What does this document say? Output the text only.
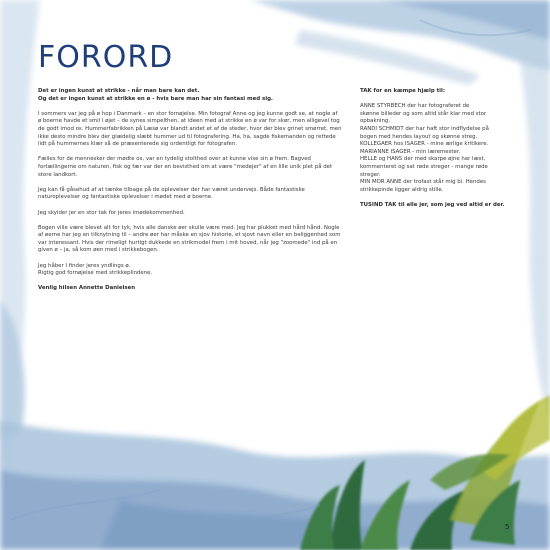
FORORD

Det er ingen kunst at strikke - når man bare kan det.
Og det er ingen kunst at strikke en ø - hvis bare man har sin fantasi med sig.

I sommers var jeg på ø hop i Danmark – en stor fornøjelse. Min fotograf Anne og jeg kunne godt se, at nogle af ø boerne havde et smil i øjet – de synes simpelthen, at ideen med at strikke en ø var for skør, men alligevel tog de godt imod os. Hummerfabrikken på Læsø var blandt andet et af de steder, hvor der blev grinet smørret, men ikke desto mindre blev der glædelig slæbt hummer ud til fotografering. Ha, ha, sagde fiskemanden og rettede lidt på hummernes klær så de præsenterede sig ordentligt for fotografen.

Fælles for de mennesker der mødte os, var en tydelig stolthed over at kunne vise sin ø frem. Bagved fortællingerne om naturen, fisk og fær var der en bevisthed om at være "medejer" af en lille unik plet på det store landkort.

Jeg kan få gåsehud af at tænke tilbage på de oplevelser der har været undervejs. Både fantastiske naturoplevelser og fantastiske oplevelser i mødet med ø boerne.

Jeg skylder jer en stor tak for jeres imødekommenhed.

Bogen ville være blevet alt for tyk, hvis alle danske øer skulle være med. Jeg har plukket med hård hånd. Nogle af øerne har jeg en tilknytning til – andre øer har måske en sjov historie, et sjovt navn eller en beliggenhed som var interessant. Hvis der rimeligt hurtigt dukkede en strikmodel frem i mit hoved, når jeg "zoomede" ind på en given ø – ja, så kom øen med i strikkebogen.

Jeg håber I finder jeres yndlings ø.
Rigtig god fornøjelse med strikkeplindene.

Venlig hilsen Annette Danielsen

TAK for en kæmpe hjælp til:

ANNE STYRBECH der har fotograferet de
skønne billeder og som altid står klar med stor
opbakning.
RANDI SCHMIDT der har haft stor indflydelse på
bogen med hendes layout og skønne streg.
KOLLEGAER hos ISAGER - mine ærlige kritikere.
MARIANNE ISAGER - min læremester.
HELLE og HANS der med skarpe øjne har læst,
kommenteret og sat røde streger - mange røde
streger.
MIN MOR ANNE der trofast står mig bi. Hendes
strikkepinde ligger aldrig stille.

TUSIND TAK til alle jer, som jeg ved altid er der.

5
